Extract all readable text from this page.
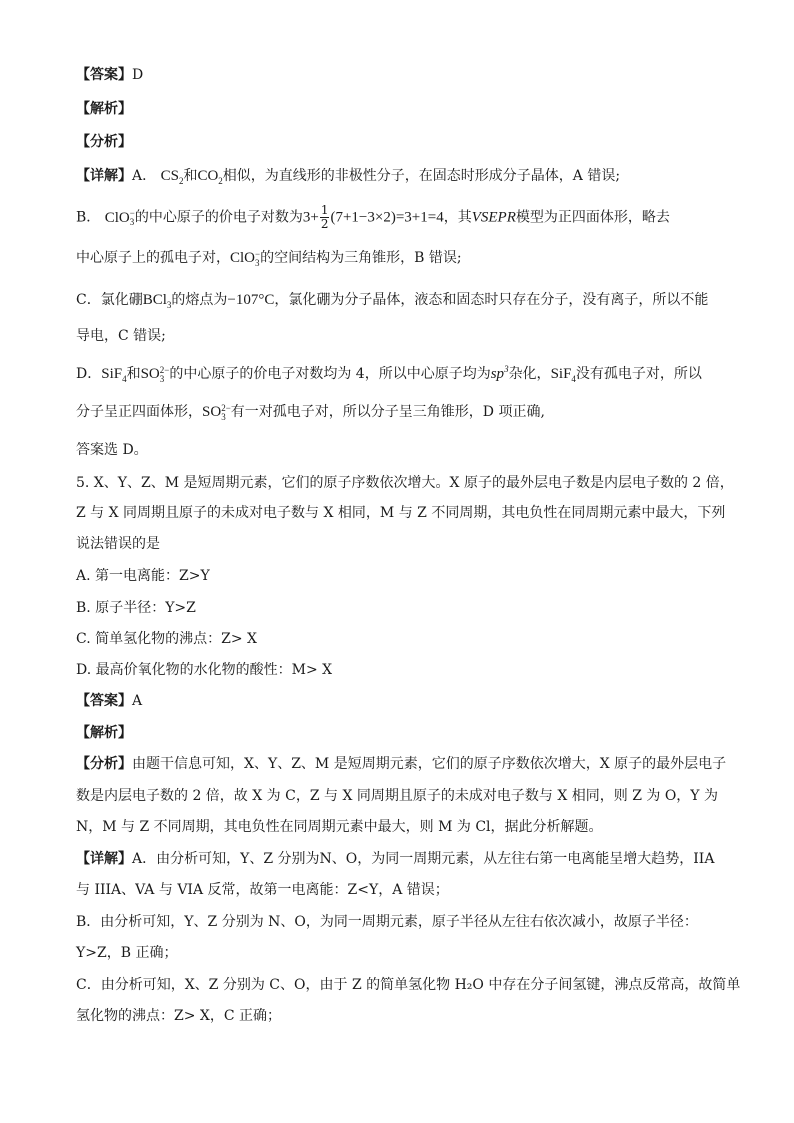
【答案】D
【解析】
【分析】
【详解】A． $CS_2$和$CO_2$相似，为直线形的非极性分子，在固态时形成分子晶体，A 错误;
B． ClO −
3 的中心原子的价电子对数为$3+ \frac{1}{2} (7+1-3\times 2)=3+1=4$，其VSEPR模型为正四面体形，略去
中心原子上的孤电子对，ClO −
3 的空间结构为三角锥形，B 错误;
C．氯化硼BCl$_3$的熔点为−107°C，氯化硼为分子晶体，液态和固态时只存在分子，没有离子，所以不能
导电，C 错误;
D．SiF$_4$和SO 2−
3 的中心原子的价电子对数均为 4，所以中心原子均为$sp^3$杂化，SiF$_4$没有孤电子对，所以
分子呈正四面体形，SO 2−
3 有一对孤电子对，所以分子呈三角锥形，D 项正确,
答案选 D。
5. X、Y、Z、M 是短周期元素，它们的原子序数依次增大。X 原子的最外层电子数是内层电子数的 2 倍，
Z 与 X 同周期且原子的未成对电子数与 X 相同，M 与 Z 不同周期，其电负性在同周期元素中最大，下列
说法错误的是
A. 第一电离能：Z>Y
B. 原子半径：Y>Z
C. 简单氢化物的沸点：Z> X
D. 最高价氧化物的水化物的酸性：M> X
【答案】A
【解析】
【分析】由题干信息可知，X、Y、Z、M 是短周期元素，它们的原子序数依次增大，X 原子的最外层电子
数是内层电子数的 2 倍，故 X 为 C，Z 与 X 同周期且原子的未成对电子数与 X 相同，则 Z 为 O，Y 为
N，M 与 Z 不同周期，其电负性在同周期元素中最大，则 M 为 Cl，据此分析解题。
【详解】A．由分析可知，Y、Z 分别为N、O，为同一周期元素，从左往右第一电离能呈增大趋势，IIA
与 IIIA、VA 与 VIA 反常，故第一电离能：Z<Y，A 错误；
B．由分析可知，Y、Z 分别为 N、O，为同一周期元素，原子半径从左往右依次减小，故原子半径：
Y>Z，B 正确；
C．由分析可知，X、Z 分别为 C、O，由于 Z 的简单氢化物 H₂O 中存在分子间氢键，沸点反常高，故简单
氢化物的沸点：Z> X，C 正确；
